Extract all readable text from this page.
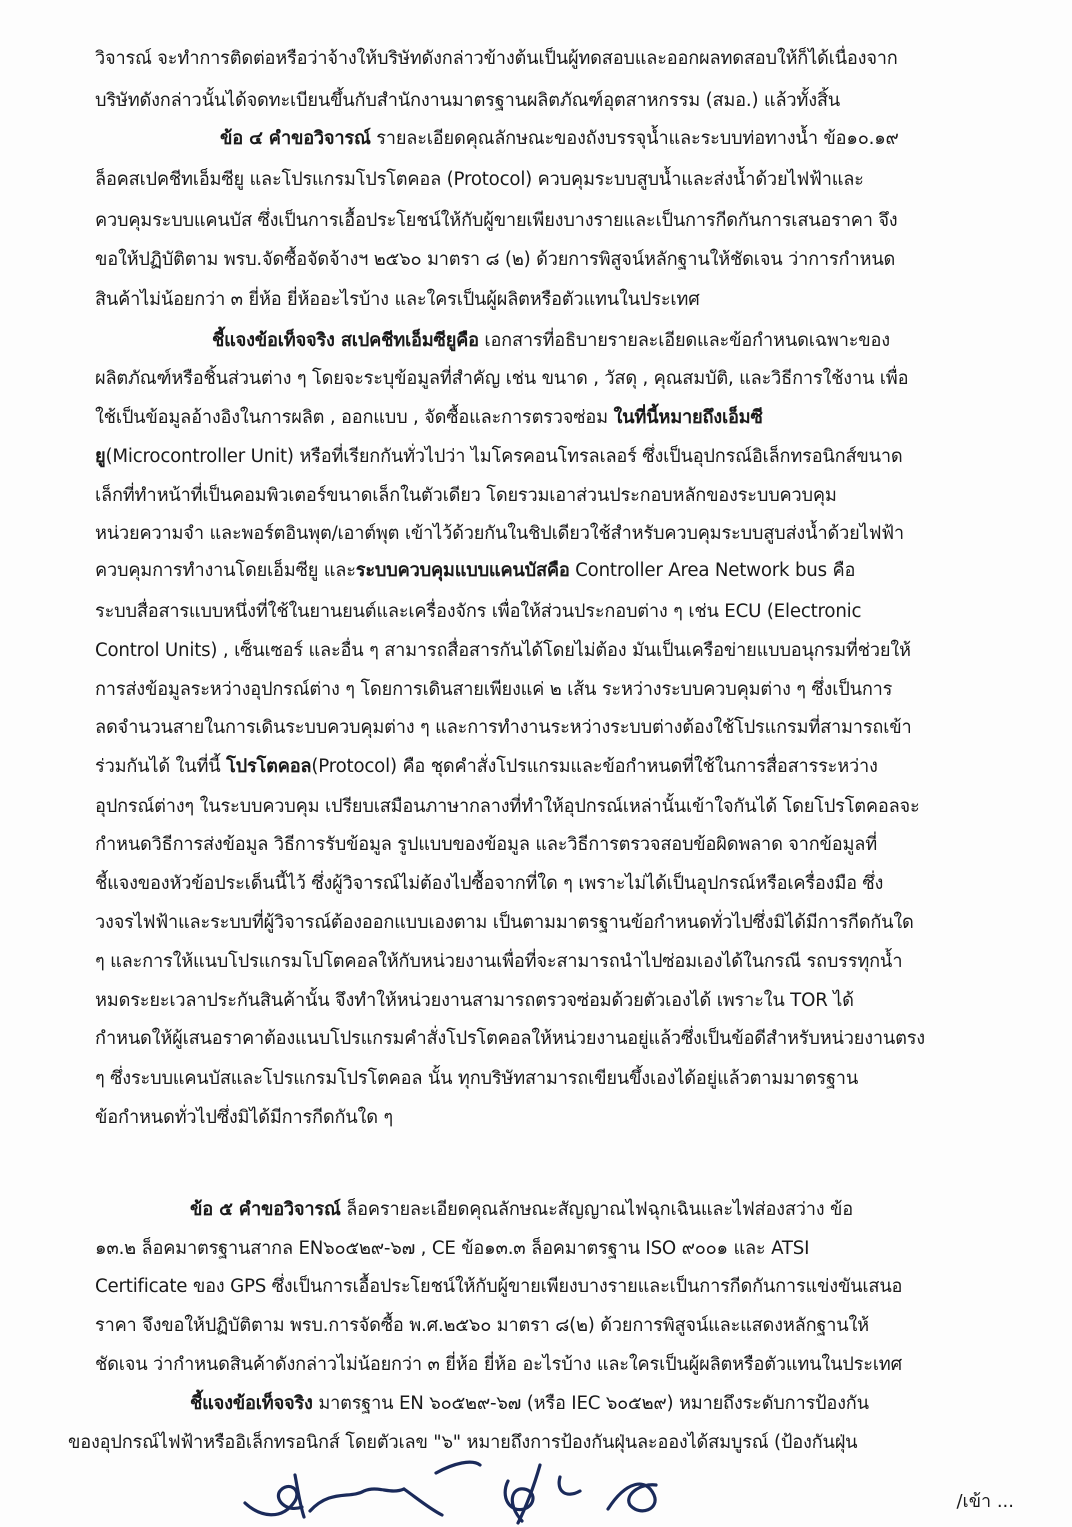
วิจารณ์ จะทำการติดต่อหรือว่าจ้างให้บริษัทดังกล่าวข้างต้นเป็นผู้ทดสอบและออกผลทดสอบให้ก็ได้เนื่องจาก
บริษัทดังกล่าวนั้นได้จดทะเบียนขึ้นกับสำนักงานมาตรฐานผลิตภัณฑ์อุตสาหกรรม (สมอ.) แล้วทั้งสิ้น
ข้อ ๔ คำขอวิจารณ์ รายละเอียดคุณลักษณะของถังบรรจุน้ำและระบบท่อทางน้ำ ข้อ๑๐.๑๙
ล็อคสเปคชีทเอ็มซียู และโปรแกรมโปรโตคอล (Protocol) ควบคุมระบบสูบน้ำและส่งน้ำด้วยไฟฟ้าและ
ควบคุมระบบแคนบัส ซึ่งเป็นการเอื้อประโยชน์ให้กับผู้ขายเพียงบางรายและเป็นการกีดกันการเสนอราคา จึง
ขอให้ปฏิบัติตาม พรบ.จัดซื้อจัดจ้างฯ ๒๕๖๐ มาตรา ๘ (๒) ด้วยการพิสูจน์หลักฐานให้ชัดเจน ว่าการกำหนด
สินค้าไม่น้อยกว่า ๓ ยี่ห้อ ยี่ห้ออะไรบ้าง และใครเป็นผู้ผลิตหรือตัวแทนในประเทศ
ชี้แจงข้อเท็จจริง สเปคชีทเอ็มซียูคือ เอกสารที่อธิบายรายละเอียดและข้อกำหนดเฉพาะของ
ผลิตภัณฑ์หรือชิ้นส่วนต่าง ๆ โดยจะระบุข้อมูลที่สำคัญ เช่น ขนาด , วัสดุ , คุณสมบัติ, และวิธีการใช้งาน เพื่อ
ใช้เป็นข้อมูลอ้างอิงในการผลิต , ออกแบบ , จัดซื้อและการตรวจซ่อม ในที่นี้หมายถึงเอ็มซี
ยู(Microcontroller Unit) หรือที่เรียกกันทั่วไปว่า ไมโครคอนโทรลเลอร์ ซึ่งเป็นอุปกรณ์อิเล็กทรอนิกส์ขนาด
เล็กที่ทำหน้าที่เป็นคอมพิวเตอร์ขนาดเล็กในตัวเดียว โดยรวมเอาส่วนประกอบหลักของระบบควบคุม
หน่วยความจำ และพอร์ตอินพุต/เอาต์พุต เข้าไว้ด้วยกันในชิปเดียวใช้สำหรับควบคุมระบบสูบส่งน้ำด้วยไฟฟ้า
ควบคุมการทำงานโดยเอ็มซียู และระบบควบคุมแบบแคนบัสคือ Controller Area Network bus คือ
ระบบสื่อสารแบบหนึ่งที่ใช้ในยานยนต์และเครื่องจักร เพื่อให้ส่วนประกอบต่าง ๆ เช่น ECU (Electronic
Control Units) , เซ็นเซอร์ และอื่น ๆ สามารถสื่อสารกันได้โดยไม่ต้อง มันเป็นเครือข่ายแบบอนุกรมที่ช่วยให้
การส่งข้อมูลระหว่างอุปกรณ์ต่าง ๆ โดยการเดินสายเพียงแค่ ๒ เส้น ระหว่างระบบควบคุมต่าง ๆ ซึ่งเป็นการ
ลดจำนวนสายในการเดินระบบควบคุมต่าง ๆ และการทำงานระหว่างระบบต่างต้องใช้โปรแกรมที่สามารถเข้า
ร่วมกันได้ ในที่นี้ โปรโตคอล(Protocol) คือ ชุดคำสั่งโปรแกรมและข้อกำหนดที่ใช้ในการสื่อสารระหว่าง
อุปกรณ์ต่างๆ ในระบบควบคุม เปรียบเสมือนภาษากลางที่ทำให้อุปกรณ์เหล่านั้นเข้าใจกันได้ โดยโปรโตคอลจะ
กำหนดวิธีการส่งข้อมูล วิธีการรับข้อมูล รูปแบบของข้อมูล และวิธีการตรวจสอบข้อผิดพลาด จากข้อมูลที่
ชี้แจงของหัวข้อประเด็นนี้ไว้ ซึ่งผู้วิจารณ์ไม่ต้องไปซื้อจากที่ใด ๆ เพราะไม่ได้เป็นอุปกรณ์หรือเครื่องมือ ซึ่ง
วงจรไฟฟ้าและระบบที่ผู้วิจารณ์ต้องออกแบบเองตาม เป็นตามมาตรฐานข้อกำหนดทั่วไปซึ่งมิได้มีการกีดกันใด
ๆ และการให้แนบโปรแกรมโปโตคอลให้กับหน่วยงานเพื่อที่จะสามารถนำไปซ่อมเองได้ในกรณี รถบรรทุกน้ำ
หมดระยะเวลาประกันสินค้านั้น จึงทำให้หน่วยงานสามารถตรวจซ่อมด้วยตัวเองได้ เพราะใน TOR ได้
กำหนดให้ผู้เสนอราคาต้องแนบโปรแกรมคำสั่งโปรโตคอลให้หน่วยงานอยู่แล้วซึ่งเป็นข้อดีสำหรับหน่วยงานตรง
ๆ ซึ่งระบบแคนบัสและโปรแกรมโปรโตคอล นั้น ทุกบริษัทสามารถเขียนขึ้งเองได้อยู่แล้วตามมาตรฐาน
ข้อกำหนดทั่วไปซึ่งมิได้มีการกีดกันใด ๆ
ข้อ ๕ คำขอวิจารณ์ ล็อครายละเอียดคุณลักษณะสัญญาณไฟฉุกเฉินและไฟส่องสว่าง ข้อ
๑๓.๒ ล็อคมาตรฐานสากล EN๖๐๕๒๙-๖๗ , CE ข้อ๑๓.๓ ล็อคมาตรฐาน ISO ๙๐๐๑ และ ATSI
Certificate ของ GPS ซึ่งเป็นการเอื้อประโยชน์ให้กับผู้ขายเพียงบางรายและเป็นการกีดกันการแข่งขันเสนอ
ราคา จึงขอให้ปฏิบัติตาม พรบ.การจัดซื้อ พ.ศ.๒๕๖๐ มาตรา ๘(๒) ด้วยการพิสูจน์และแสดงหลักฐานให้
ชัดเจน ว่ากำหนดสินค้าดังกล่าวไม่น้อยกว่า ๓ ยี่ห้อ ยี่ห้อ อะไรบ้าง และใครเป็นผู้ผลิตหรือตัวแทนในประเทศ
ชี้แจงข้อเท็จจริง มาตรฐาน EN ๖๐๕๒๙-๖๗ (หรือ IEC ๖๐๕๒๙) หมายถึงระดับการป้องกัน
ของอุปกรณ์ไฟฟ้าหรืออิเล็กทรอนิกส์ โดยตัวเลข "๖" หมายถึงการป้องกันฝุ่นละอองได้สมบูรณ์ (ป้องกันฝุ่น
/เข้า ...
